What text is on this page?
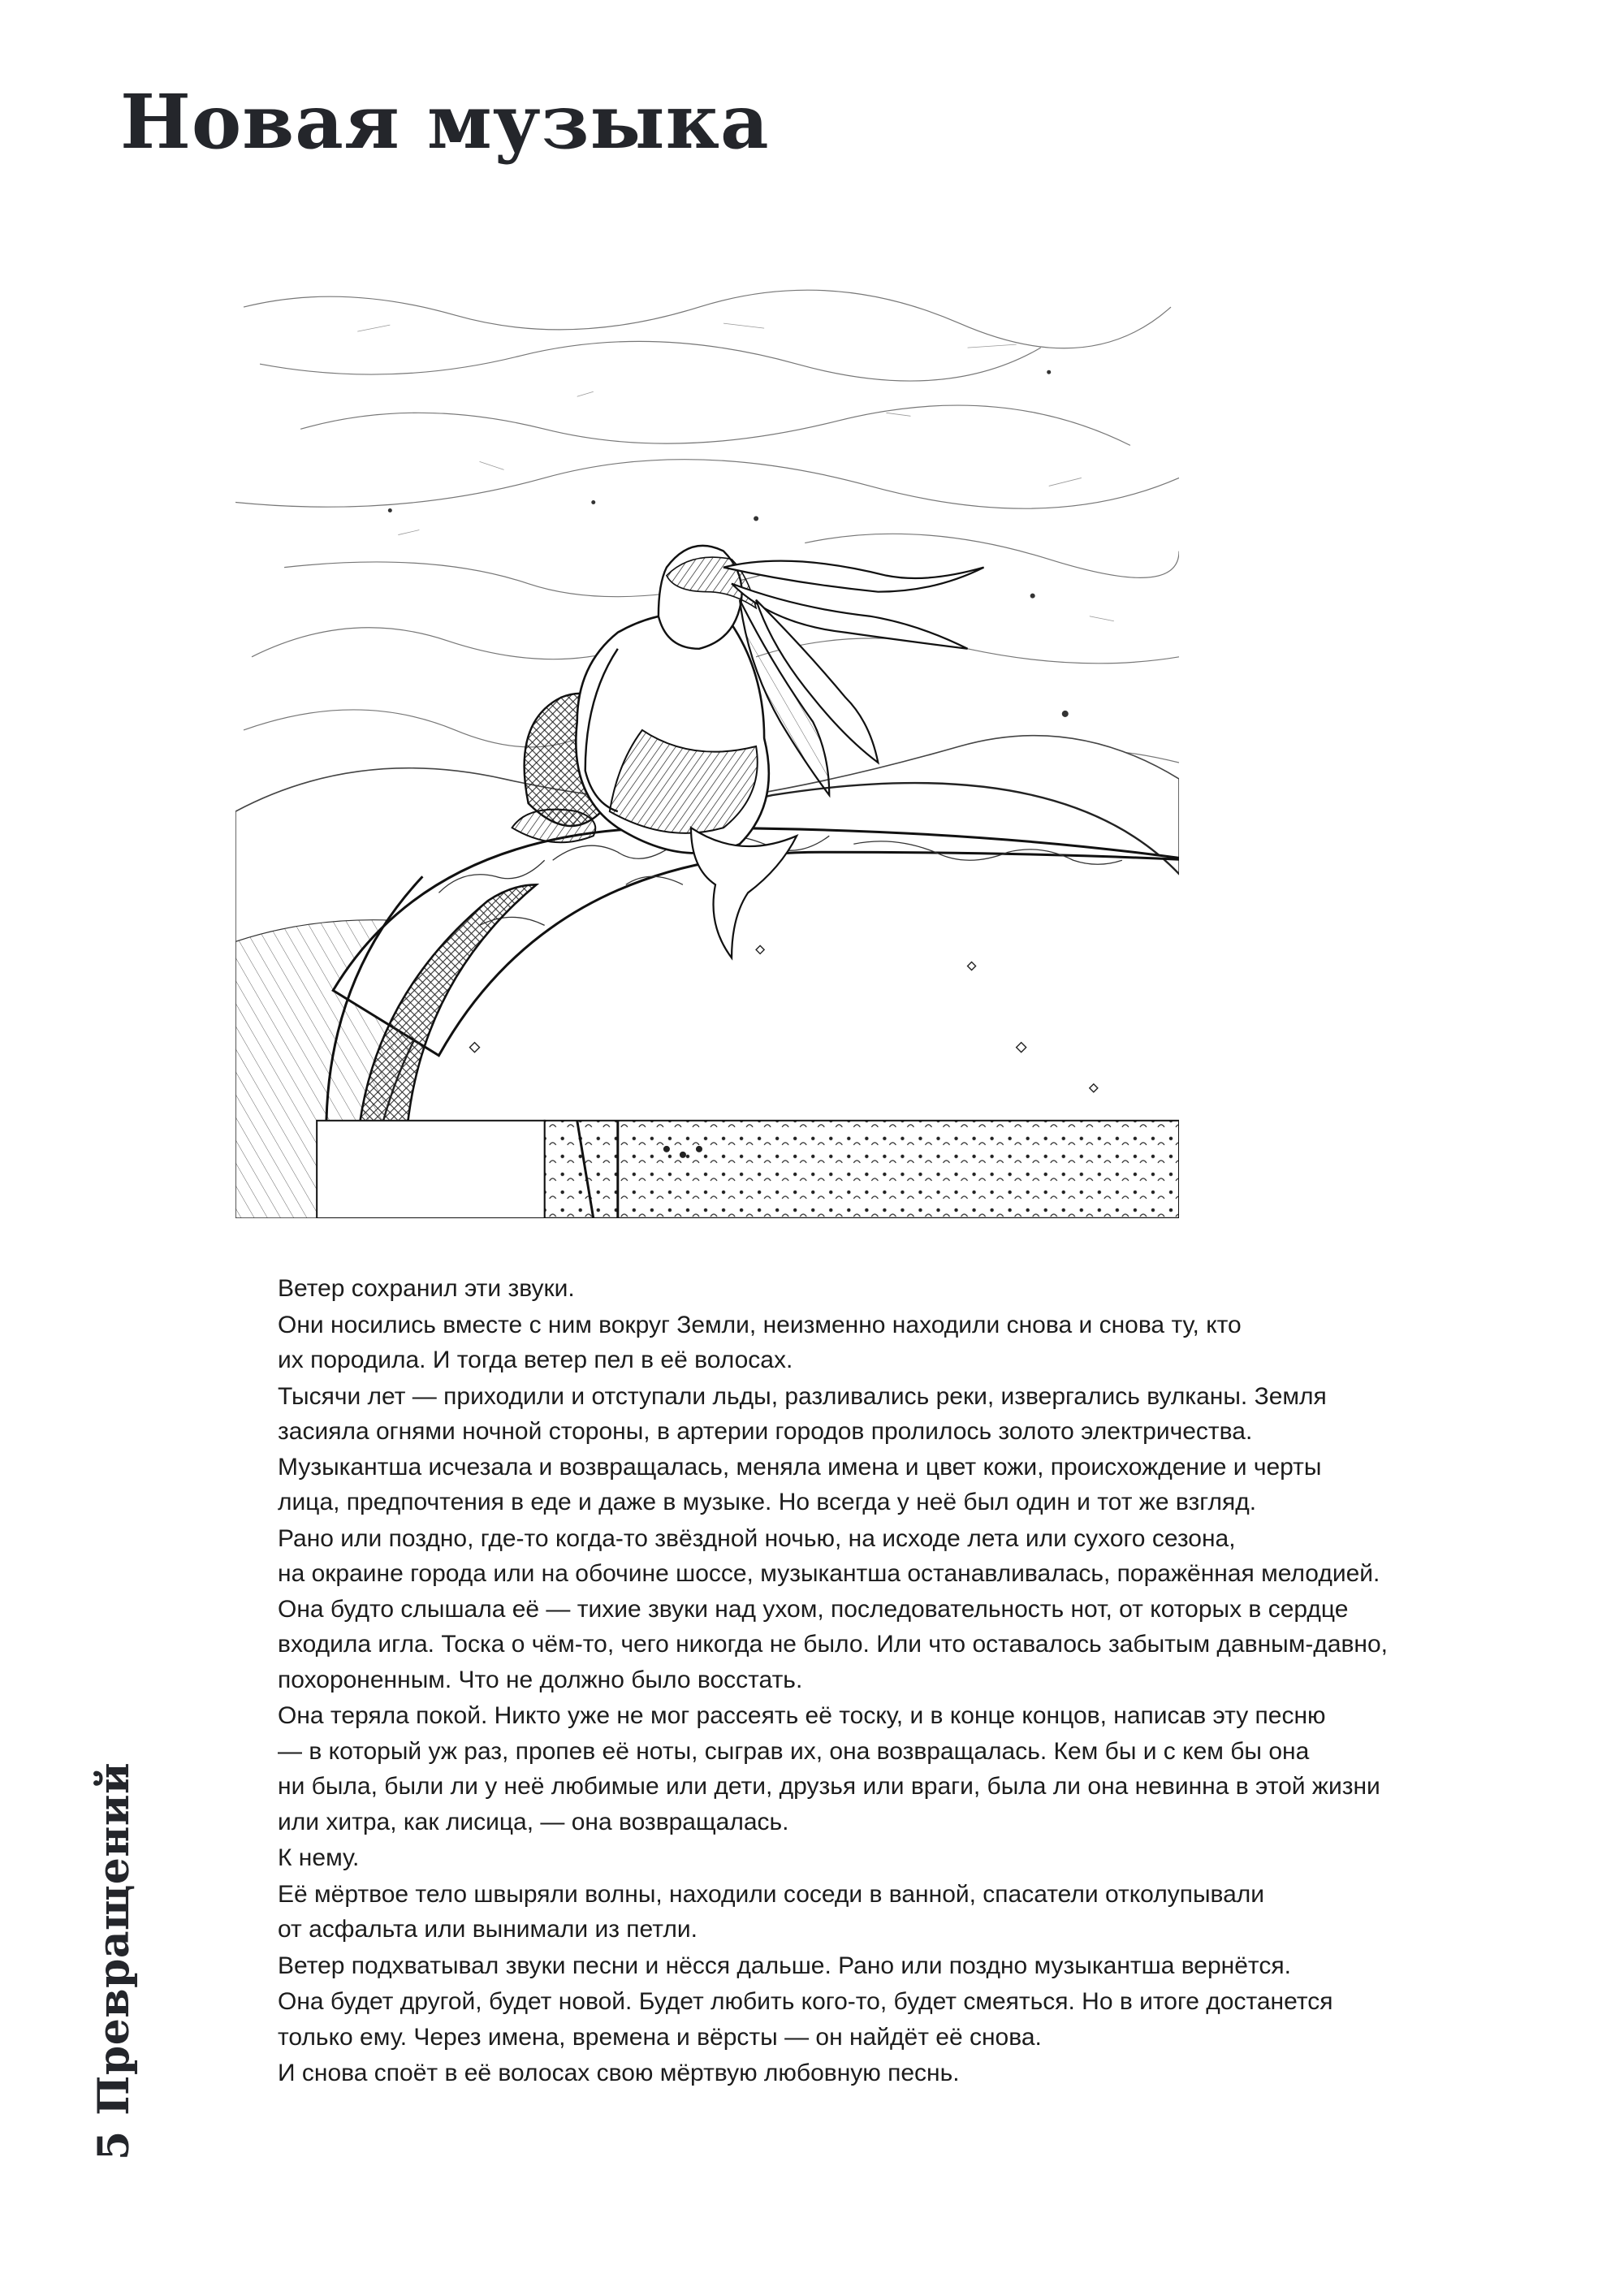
Новая музыка

Ветер сохранил эти звуки.

Они носились вместе с ним вокруг Земли, неизменно находили снова и снова ту, кто
их породила. И тогда ветер пел в её волосах.

Тысячи лет — приходили и отступали льды, разливались реки, извергались вулканы. Земля
засияла огнями ночной стороны, в артерии городов пролилось золото электричества.
Музыкантша исчезала и возвращалась, меняла имена и цвет кожи, происхождение и черты
лица, предпочтения в еде и даже в музыке. Но всегда у неё был один и тот же взгляд.

Рано или поздно, где-то когда-то звёздной ночью, на исходе лета или сухого сезона,
на окраине города или на обочине шоссе, музыкантша останавливалась, поражённая мелодией.
Она будто слышала её — тихие звуки над ухом, последовательность нот, от которых в сердце
входила игла. Тоска о чём-то, чего никогда не было. Или что оставалось забытым давным-давно,
похороненным. Что не должно было восстать.

Она теряла покой. Никто уже не мог рассеять её тоску, и в конце концов, написав эту песню
— в который уж раз, пропев её ноты, сыграв их, она возвращалась. Кем бы и с кем бы она
ни была, были ли у неё любимые или дети, друзья или враги, была ли она невинна в этой жизни
или хитра, как лисица, — она возвращалась.

К нему.

Её мёртвое тело швыряли волны, находили соседи в ванной, спасатели отколупывали
от асфальта или вынимали из петли.

Ветер подхватывал звуки песни и нёсся дальше. Рано или поздно музыкантша вернётся.

Она будет другой, будет новой. Будет любить кого-то, будет смеяться. Но в итоге достанется
только ему. Через имена, времена и вёрсты — он найдёт её снова.

И снова споёт в её волосах свою мёртвую любовную песнь.

5 Превращений
